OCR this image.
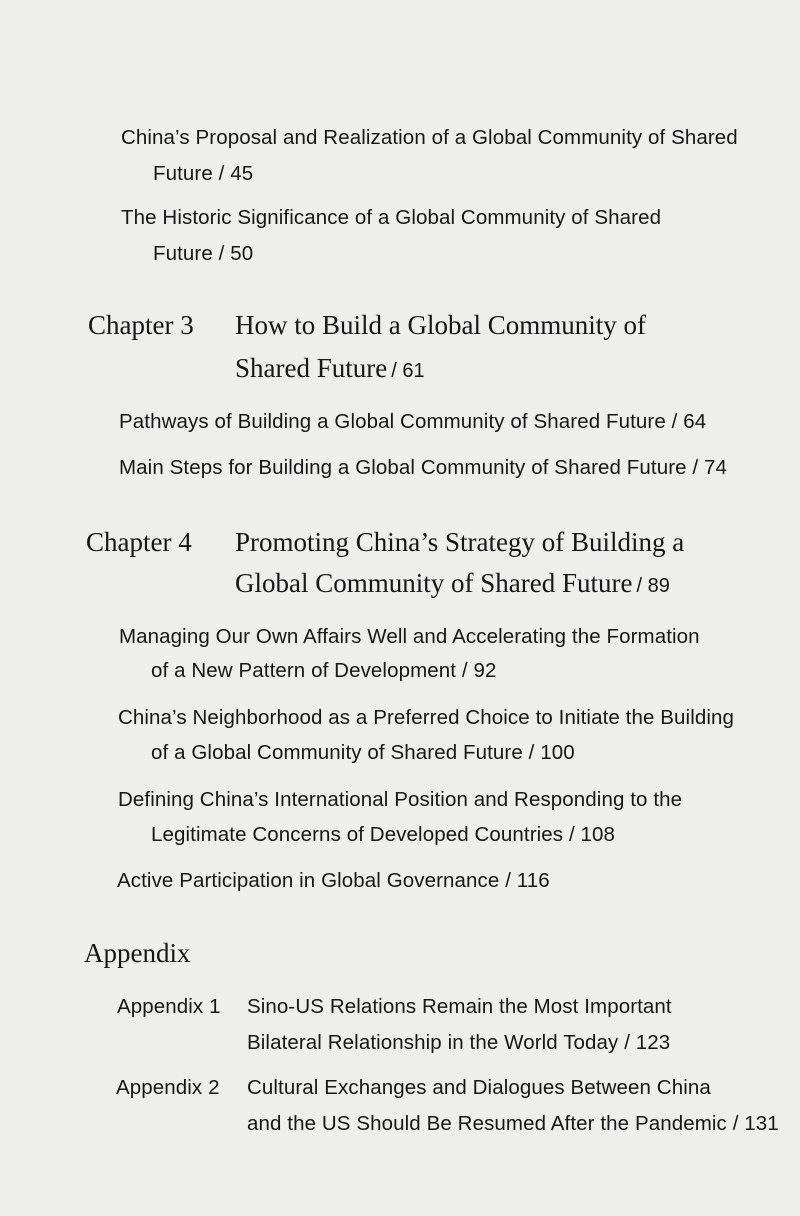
China’s Proposal and Realization of a Global Community of Shared
Future / 45
The Historic Significance of a Global Community of Shared
Future / 50
Chapter 3 How to Build a Global Community of
Shared Future / 61
Pathways of Building a Global Community of Shared Future / 64
Main Steps for Building a Global Community of Shared Future / 74
Chapter 4 Promoting China’s Strategy of Building a
Global Community of Shared Future / 89
Managing Our Own Affairs Well and Accelerating the Formation
of a New Pattern of Development / 92
China’s Neighborhood as a Preferred Choice to Initiate the Building
of a Global Community of Shared Future / 100
Defining China’s International Position and Responding to the
Legitimate Concerns of Developed Countries / 108
Active Participation in Global Governance / 116
Appendix
Appendix 1 Sino-US Relations Remain the Most Important
Bilateral Relationship in the World Today / 123
Appendix 2 Cultural Exchanges and Dialogues Between China
and the US Should Be Resumed After the Pandemic / 131
